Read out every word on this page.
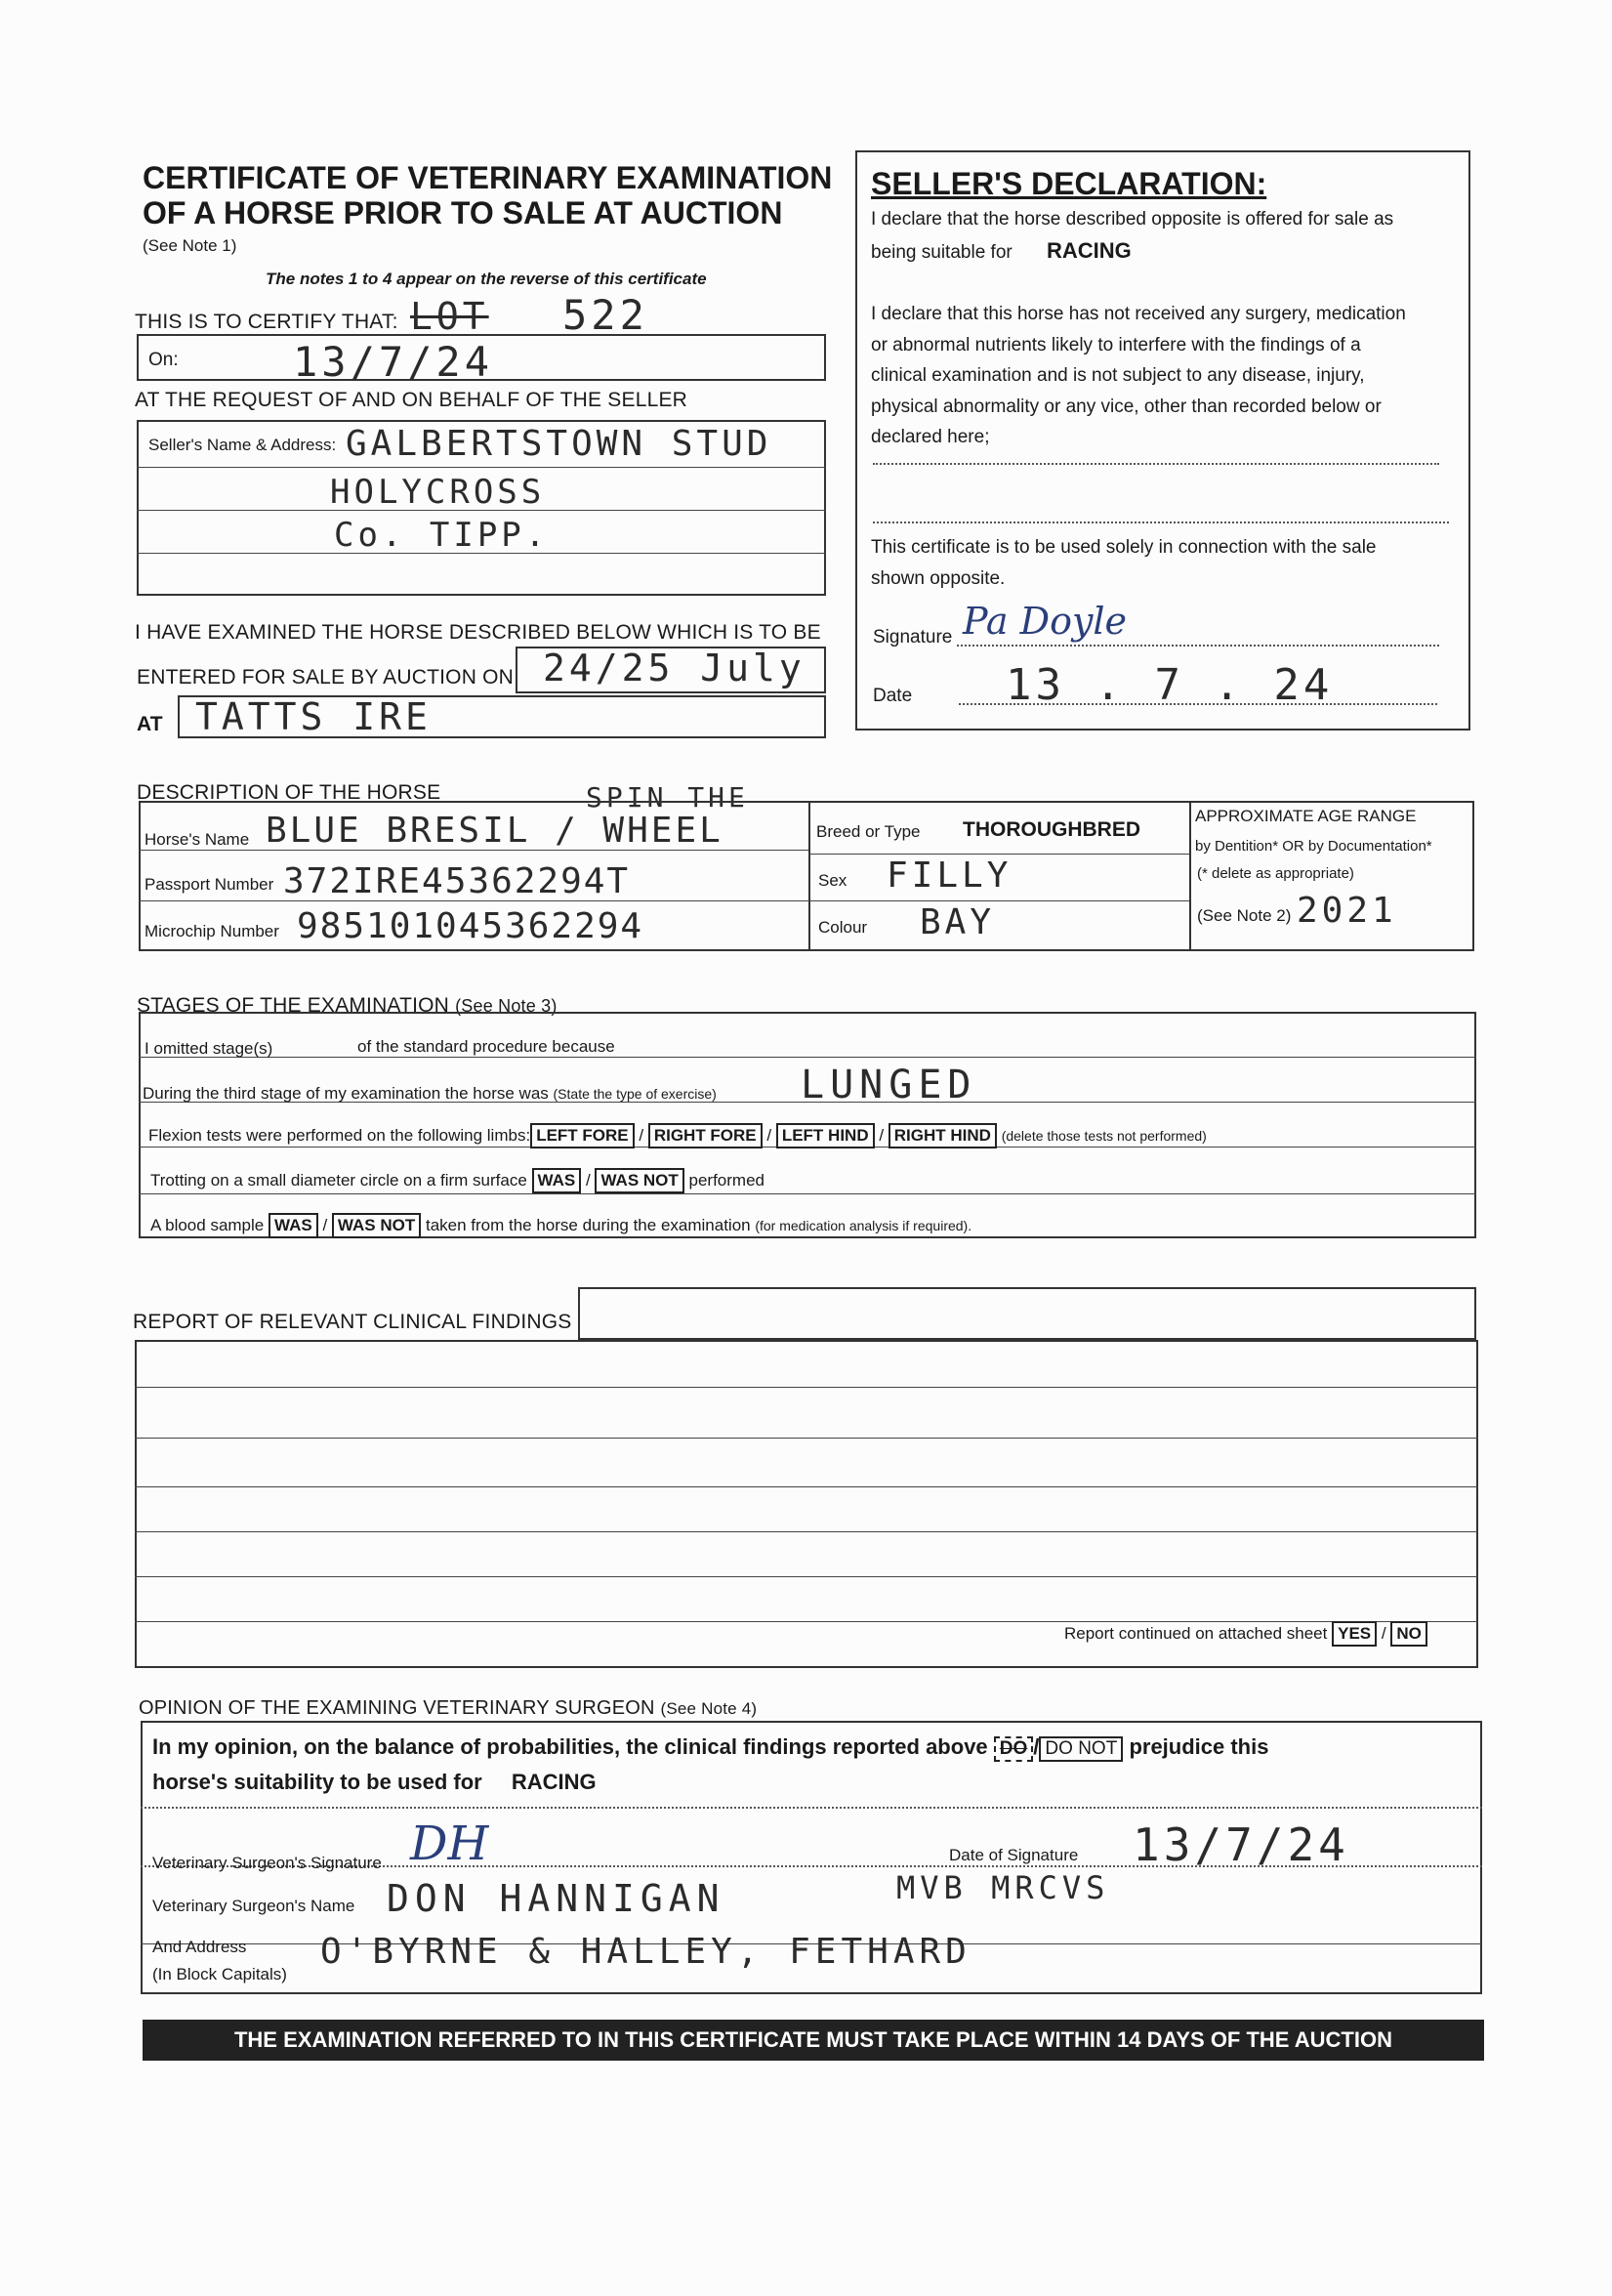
CERTIFICATE OF VETERINARY EXAMINATION
OF A HORSE PRIOR TO SALE AT AUCTION
(See Note 1)
The notes 1 to 4 appear on the reverse of this certificate
THIS IS TO CERTIFY THAT: LOT 522
On:	13/7/24
AT THE REQUEST OF AND ON BEHALF OF THE SELLER
Seller's Name & Address: GALBERTSTOWN STUD
HOLYCROSS
Co. TIPP.
I HAVE EXAMINED THE HORSE DESCRIBED BELOW WHICH IS TO BE
ENTERED FOR SALE BY AUCTION ON 24/25 July
AT TATTS IRE
SELLER'S DECLARATION:
I declare that the horse described opposite is offered for sale as
being suitable for RACING
I declare that this horse has not received any surgery, medication
or abnormal nutrients likely to interfere with the findings of a
clinical examination and is not subject to any disease, injury,
physical abnormality or any vice, other than recorded below or
declared here;
This certificate is to be used solely in connection with the sale
shown opposite.
Signature Pa Doyle
Date 13 . 7 . 24
DESCRIPTION OF THE HORSE	SPIN THE
Horse's Name BLUE BRESIL / WHEEL
Passport Number 372IRE45362294T
Microchip Number 985101045362294
Breed or Type THOROUGHBRED
Sex FILLY
Colour BAY
APPROXIMATE AGE RANGE
by Dentition* OR by Documentation*
(* delete as appropriate)
(See Note 2) 2021
STAGES OF THE EXAMINATION (See Note 3)
I omitted stage(s)	of the standard procedure because
During the third stage of my examination the horse was (State the type of exercise) LUNGED
Flexion tests were performed on the following limbs: LEFT FORE / RIGHT FORE / LEFT HIND / RIGHT HIND (delete those tests not performed)
Trotting on a small diameter circle on a firm surface WAS / WAS NOT performed
A blood sample WAS / WAS NOT taken from the horse during the examination (for medication analysis if required).
REPORT OF RELEVANT CLINICAL FINDINGS
Report continued on attached sheet YES / NO
OPINION OF THE EXAMINING VETERINARY SURGEON (See Note 4)
In my opinion, on the balance of probabilities, the clinical findings reported above DO / DO NOT prejudice this
horse's suitability to be used for RACING
Veterinary Surgeon's Signature DH	Date of Signature 13/7/24
Veterinary Surgeon's Name DON HANNIGAN	MVB MRCVS
And Address
(In Block Capitals)
O'BYRNE & HALLEY, FETHARD
THE EXAMINATION REFERRED TO IN THIS CERTIFICATE MUST TAKE PLACE WITHIN 14 DAYS OF THE AUCTION
